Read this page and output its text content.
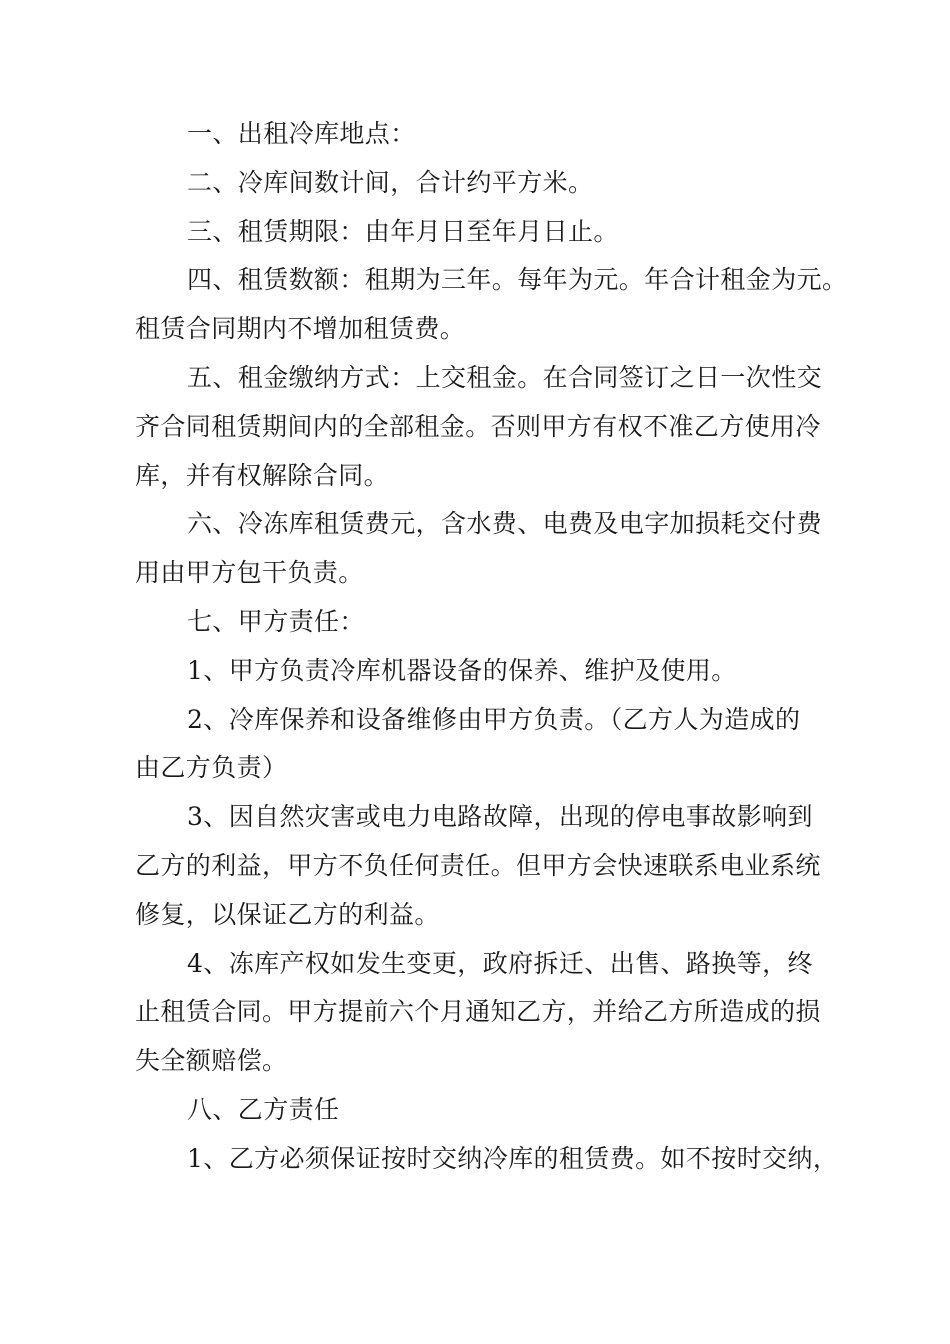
一、出租冷库地点：

二、冷库间数计间，合计约平方米。

三、租赁期限：由年月日至年月日止。

四、租赁数额：租期为三年。每年为元。年合计租金为元。
租赁合同期内不增加租赁费。

五、租金缴纳方式：上交租金。在合同签订之日一次性交
齐合同租赁期间内的全部租金。否则甲方有权不准乙方使用冷
库，并有权解除合同。

六、冷冻库租赁费元，含水费、电费及电字加损耗交付费
用由甲方包干负责。

七、甲方责任：

1、甲方负责冷库机器设备的保养、维护及使用。

2、冷库保养和设备维修由甲方负责。（乙方人为造成的
由乙方负责）

3、因自然灾害或电力电路故障，出现的停电事故影响到
乙方的利益，甲方不负任何责任。但甲方会快速联系电业系统
修复，以保证乙方的利益。

4、冻库产权如发生变更，政府拆迁、出售、路换等，终
止租赁合同。甲方提前六个月通知乙方，并给乙方所造成的损
失全额赔偿。

八、乙方责任

1、乙方必须保证按时交纳冷库的租赁费。如不按时交纳，
